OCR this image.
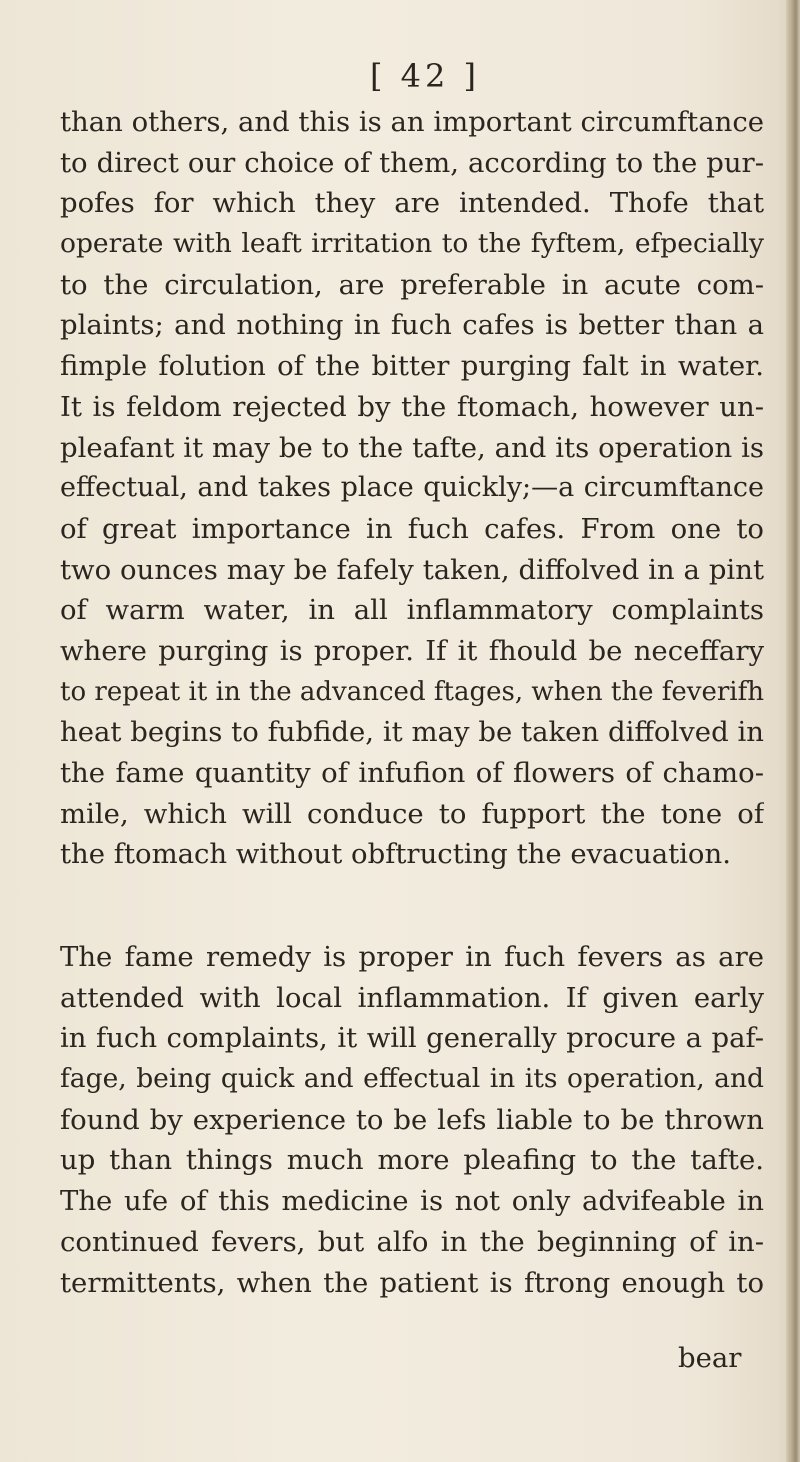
[ 42 ]
than others, and this is an important circumftance
to direct our choice of them, according to the pur-
pofes for which they are intended. Thofe that
operate with leaft irritation to the fyftem, efpecially
to the circulation, are preferable in acute com-
plaints; and nothing in fuch cafes is better than a
fimple folution of the bitter purging falt in water.
It is feldom rejected by the ftomach, however un-
pleafant it may be to the tafte, and its operation is
effectual, and takes place quickly;—a circumftance
of great importance in fuch cafes. From one to
two ounces may be fafely taken, diffolved in a pint
of warm water, in all inflammatory complaints
where purging is proper. If it fhould be neceffary
to repeat it in the advanced ftages, when the feverifh
heat begins to fubfide, it may be taken diffolved in
the fame quantity of infufion of flowers of chamo-
mile, which will conduce to fupport the tone of
the ftomach without obftructing the evacuation.
The fame remedy is proper in fuch fevers as are
attended with local inflammation. If given early
in fuch complaints, it will generally procure a paf-
fage, being quick and effectual in its operation, and
found by experience to be lefs liable to be thrown
up than things much more pleafing to the tafte.
The ufe of this medicine is not only advifeable in
continued fevers, but alfo in the beginning of in-
termittents, when the patient is ftrong enough to
bear
